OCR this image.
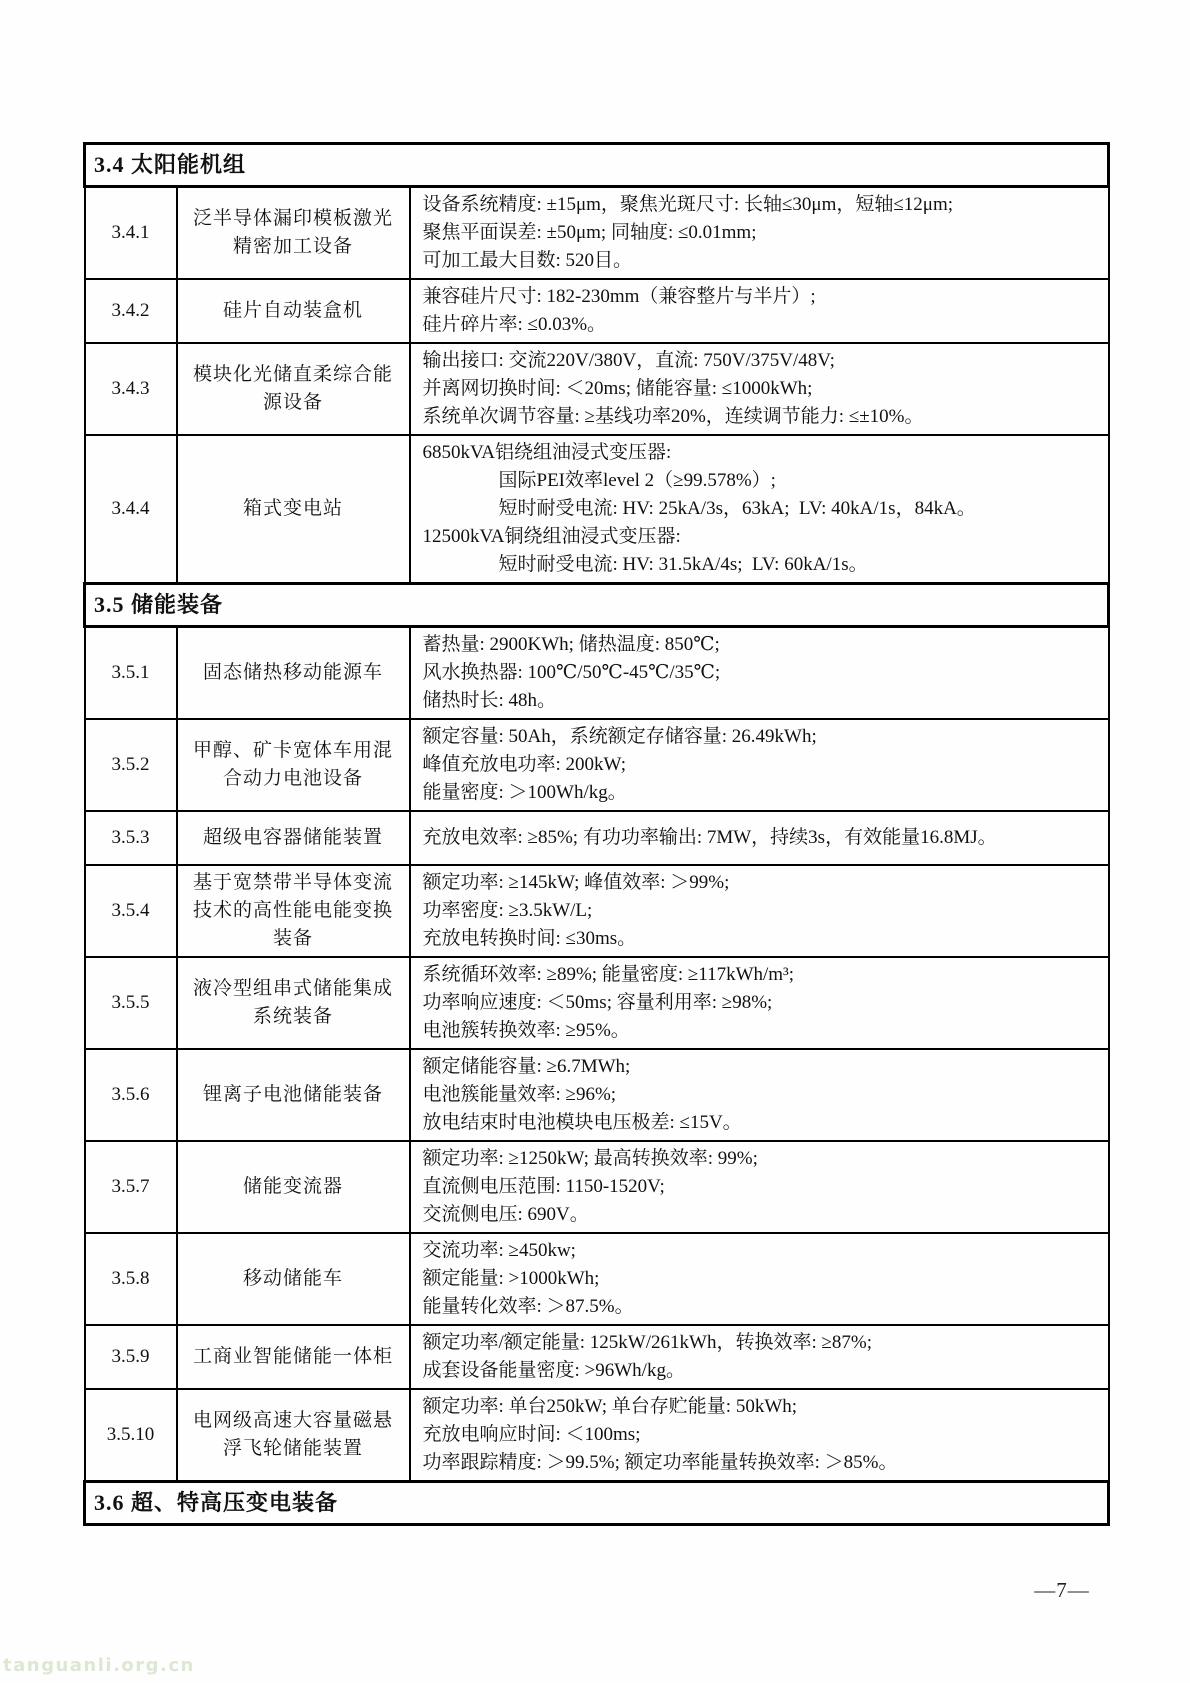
3.4 太阳能机组		
3.4.1	泛半导体漏印模板激光精密加工设备	设备系统精度: ±15μm，聚焦光斑尺寸: 长轴≤30μm，短轴≤12μm;
聚焦平面误差: ±50μm; 同轴度: ≤0.01mm;
可加工最大目数: 520目。

3.4.2	硅片自动装盒机	兼容硅片尺寸: 182-230mm（兼容整片与半片）;
硅片碎片率: ≤0.03%。

3.4.3	模块化光储直柔综合能源设备	输出接口: 交流220V/380V，直流: 750V/375V/48V;
并离网切换时间: ＜20ms; 储能容量: ≤1000kWh;
系统单次调节容量: ≥基线功率20%，连续调节能力: ≤±10%。

3.4.4	箱式变电站	6850kVA铝绕组油浸式变压器:
　　　　国际PEI效率level 2（≥99.578%）;
　　　　短时耐受电流: HV: 25kA/3s，63kA;  LV: 40kA/1s，84kA。
12500kVA铜绕组油浸式变压器:
　　　　短时耐受电流: HV: 31.5kA/4s;  LV: 60kA/1s。

3.5 储能装备		
3.5.1	固态储热移动能源车	蓄热量: 2900KWh; 储热温度: 850℃;
风水换热器: 100℃/50℃-45℃/35℃;
储热时长: 48h。

3.5.2	甲醇、矿卡宽体车用混合动力电池设备	额定容量: 50Ah，系统额定存储容量: 26.49kWh;
峰值充放电功率: 200kW;
能量密度: ＞100Wh/kg。

3.5.3	超级电容器储能装置	充放电效率: ≥85%; 有功功率输出: 7MW，持续3s，有效能量16.8MJ。

3.5.4	基于宽禁带半导体变流技术的高性能电能变换装备	额定功率: ≥145kW; 峰值效率: ＞99%;
功率密度: ≥3.5kW/L;
充放电转换时间: ≤30ms。

3.5.5	液冷型组串式储能集成系统装备	系统循环效率: ≥89%; 能量密度: ≥117kWh/m³;
功率响应速度: ＜50ms; 容量利用率: ≥98%;
电池簇转换效率: ≥95%。

3.5.6	锂离子电池储能装备	额定储能容量: ≥6.7MWh;
电池簇能量效率: ≥96%;
放电结束时电池模块电压极差: ≤15V。

3.5.7	储能变流器	额定功率: ≥1250kW; 最高转换效率: 99%;
直流侧电压范围: 1150-1520V;
交流侧电压: 690V。

3.5.8	移动储能车	交流功率: ≥450kw;
额定能量: >1000kWh;
能量转化效率: ＞87.5%。

3.5.9	工商业智能储能一体柜	额定功率/额定能量: 125kW/261kWh，转换效率: ≥87%;
成套设备能量密度: >96Wh/kg。

3.5.10	电网级高速大容量磁悬浮飞轮储能装置	额定功率: 单台250kW; 单台存贮能量: 50kWh;
充放电响应时间: ＜100ms;
功率跟踪精度: ＞99.5%; 额定功率能量转换效率: ＞85%。

3.6 超、特高压变电装备		
—7—
tanguanli.org.cn
